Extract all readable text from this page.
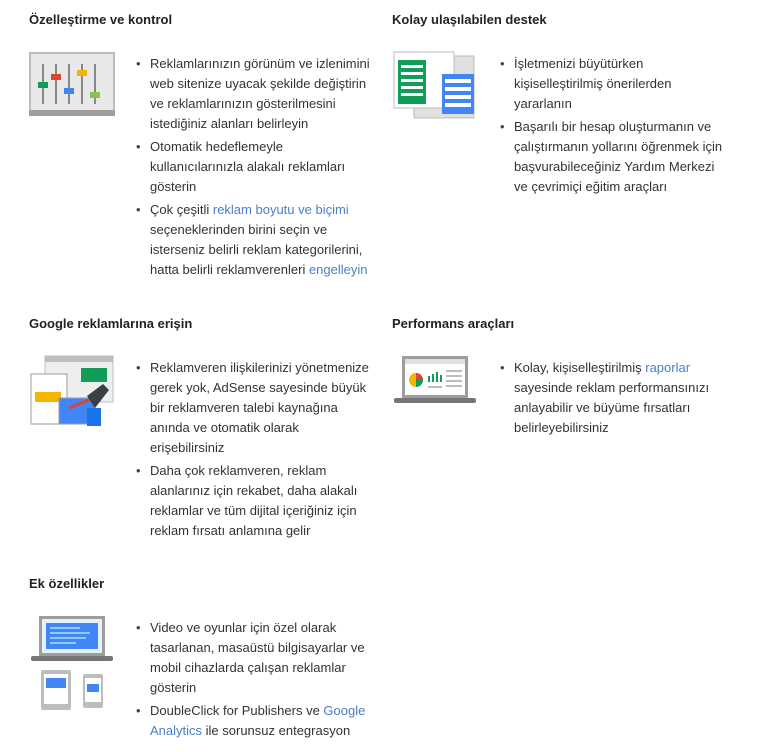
Özelleştirme ve kontrol
• Reklamlarınızın görünüm ve izlenimini web sitenize uyacak şekilde değiştirin ve reklamlarınızın gösterilmesini istediğiniz alanları belirleyin
• Otomatik hedeflemeyle kullanıcılarınızla alakalı reklamları gösterin
• Çok çeşitli reklam boyutu ve biçimi seçeneklerinden birini seçin ve isterseniz belirli reklam kategorilerini, hatta belirli reklamverenleri engelleyin
Kolay ulaşılabilen destek
• İşletmenizi büyütürken kişiselleştirilmiş önerilerden yararlanın
• Başarılı bir hesap oluşturmanın ve çalıştırmanın yollarını öğrenmek için başvurabileceğiniz Yardım Merkezi ve çevrimiçi eğitim araçları
Google reklamlarına erişin
• Reklamveren ilişkilerinizi yönetmenize gerek yok, AdSense sayesinde büyük bir reklamveren talebi kaynağına anında ve otomatik olarak erişebilirsiniz
• Daha çok reklamveren, reklam alanlarınız için rekabet, daha alakalı reklamlar ve tüm dijital içeriğiniz için reklam fırsatı anlamına gelir
Performans araçları
• Kolay, kişiselleştirilmiş raporlar sayesinde reklam performansınızı anlayabilir ve büyüme fırsatları belirleyebilirsiniz
Ek özellikler
• Video ve oyunlar için özel olarak tasarlanan, masaüstü bilgisayarlar ve mobil cihazlarda çalışan reklamlar gösterin
• DoubleClick for Publishers ve Google Analytics ile sorunsuz entegrasyon
